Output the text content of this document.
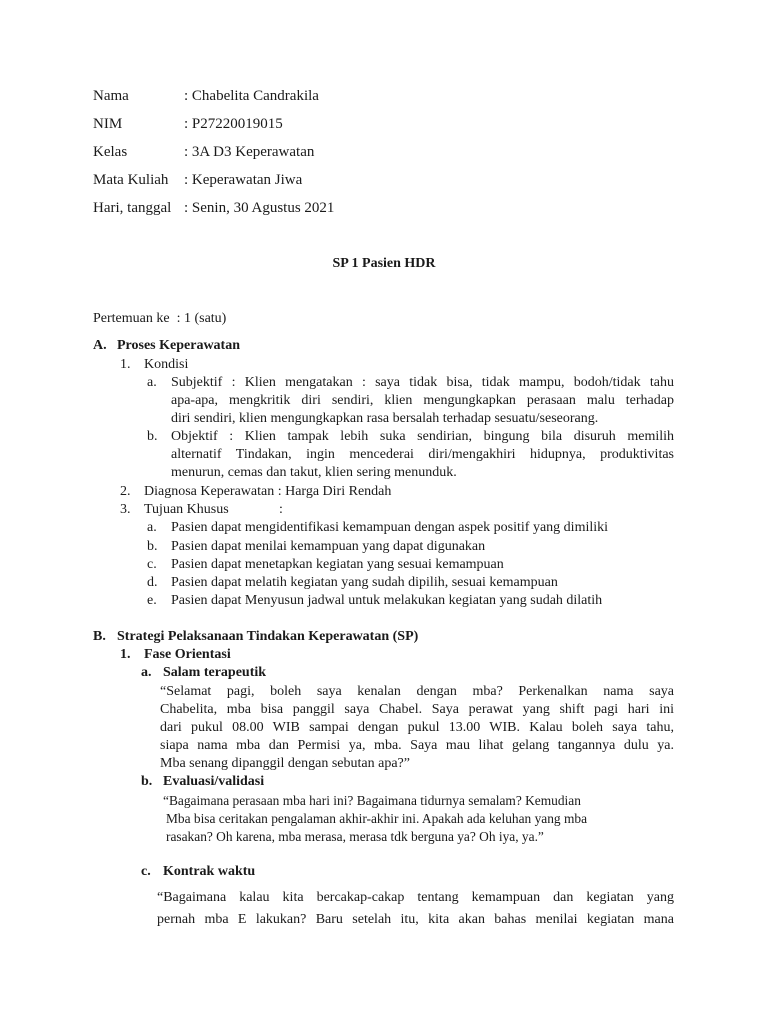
Nama	: Chabelita Candrakila
NIM	: P27220019015
Kelas	: 3A D3 Keperawatan
Mata Kuliah : Keperawatan Jiwa
Hari, tanggal : Senin, 30 Agustus 2021
SP 1 Pasien HDR
Pertemuan ke  : 1 (satu)
A. Proses Keperawatan
1. Kondisi
a. Subjektif : Klien mengatakan : saya tidak bisa, tidak mampu, bodoh/tidak tahu
apa-apa, mengkritik diri sendiri, klien mengungkapkan perasaan malu terhadap
diri sendiri, klien mengungkapkan rasa bersalah terhadap sesuatu/seseorang.
b. Objektif : Klien tampak lebih suka sendirian, bingung bila disuruh memilih
alternatif Tindakan, ingin mencederai diri/mengakhiri hidupnya, produktivitas
menurun, cemas dan takut, klien sering menunduk.
2. Diagnosa Keperawatan : Harga Diri Rendah
3. Tujuan Khusus	:
a. Pasien dapat mengidentifikasi kemampuan dengan aspek positif yang dimiliki
b. Pasien dapat menilai kemampuan yang dapat digunakan
c. Pasien dapat menetapkan kegiatan yang sesuai kemampuan
d. Pasien dapat melatih kegiatan yang sudah dipilih, sesuai kemampuan
e. Pasien dapat Menyusun jadwal untuk melakukan kegiatan yang sudah dilatih
B. Strategi Pelaksanaan Tindakan Keperawatan (SP)
1. Fase Orientasi
a. Salam terapeutik
“Selamat pagi, boleh saya kenalan dengan mba? Perkenalkan nama saya
Chabelita, mba bisa panggil saya Chabel. Saya perawat yang shift pagi hari ini
dari pukul 08.00 WIB sampai dengan pukul 13.00 WIB. Kalau boleh saya tahu,
siapa nama mba dan Permisi ya, mba. Saya mau lihat gelang tangannya dulu ya.
Mba senang dipanggil dengan sebutan apa?”
b. Evaluasi/validasi
“Bagaimana perasaan mba hari ini? Bagaimana tidurnya semalam? Kemudian
Mba bisa ceritakan pengalaman akhir-akhir ini. Apakah ada keluhan yang mba
rasakan? Oh karena, mba merasa, merasa tdk berguna ya? Oh iya, ya.”
c. Kontrak waktu
“Bagaimana kalau kita bercakap-cakap tentang kemampuan dan kegiatan yang
pernah mba E lakukan? Baru setelah itu, kita akan bahas menilai kegiatan mana
